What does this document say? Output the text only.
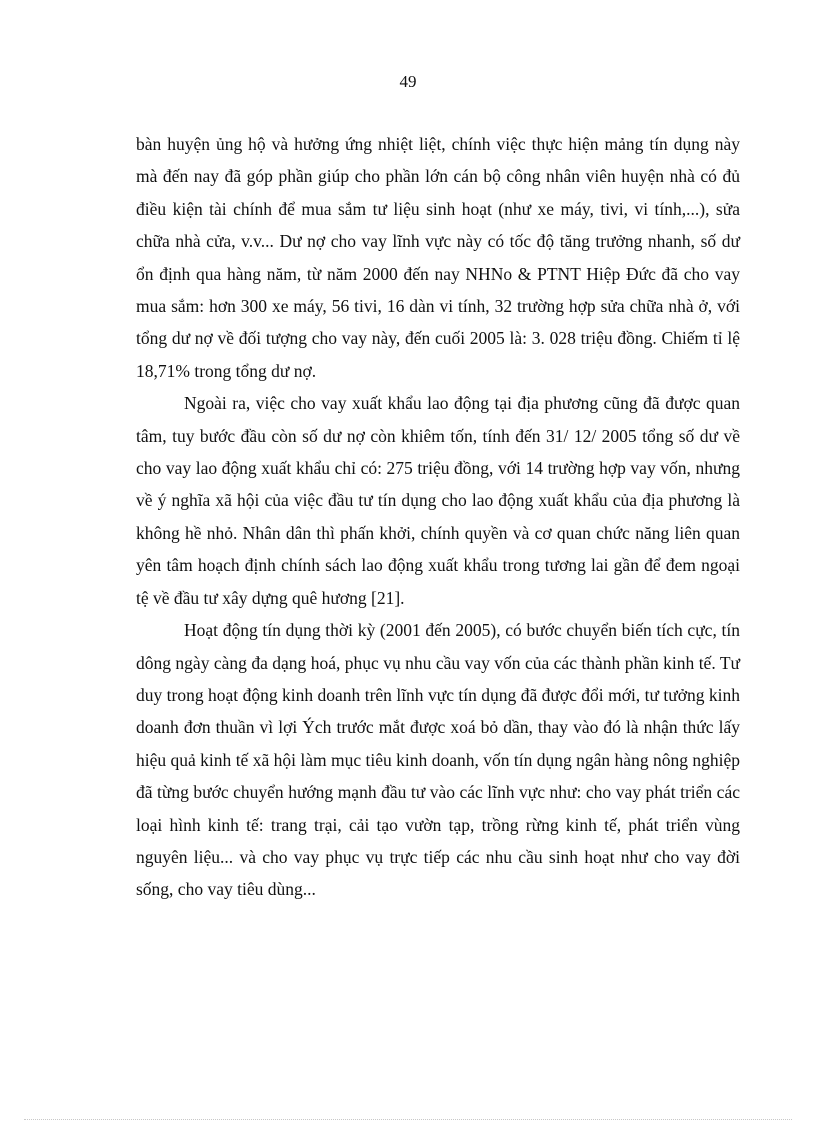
49

bàn huyện ủng hộ và hưởng ứng nhiệt liệt, chính việc thực hiện mảng tín dụng này mà đến nay đã góp phần giúp cho phần lớn cán bộ công nhân viên huyện nhà có đủ điều kiện tài chính để mua sắm tư liệu sinh hoạt (như xe máy, tivi, vi tính,...), sửa chữa nhà cửa, v.v... Dư nợ cho vay lĩnh vực này có tốc độ tăng trưởng nhanh, số dư ổn định qua hàng năm, từ năm 2000 đến nay NHNo & PTNT Hiệp Đức đã cho vay mua sắm: hơn 300 xe máy, 56 tivi, 16 dàn vi tính, 32 trường hợp sửa chữa nhà ở, với tổng dư nợ về đối tượng cho vay này, đến cuối 2005 là: 3. 028 triệu đồng. Chiếm tỉ lệ 18,71% trong tổng dư nợ.

Ngoài ra, việc cho vay xuất khẩu lao động tại địa phương cũng đã được quan tâm, tuy bước đầu còn số dư nợ còn khiêm tốn, tính đến 31/ 12/ 2005 tổng số dư về cho vay lao động xuất khẩu chỉ có: 275 triệu đồng, với 14 trường hợp vay vốn, nhưng về ý nghĩa xã hội của việc đầu tư tín dụng cho lao động xuất khẩu của địa phương là không hề nhỏ. Nhân dân thì phấn khởi, chính quyền và cơ quan chức năng liên quan yên tâm hoạch định chính sách lao động xuất khẩu trong tương lai gần để đem ngoại tệ về đầu tư xây dựng quê hương [21].

Hoạt động tín dụng thời kỳ (2001 đến 2005), có bước chuyển biến tích cực, tín dông ngày càng đa dạng hoá, phục vụ nhu cầu vay vốn của các thành phần kinh tế. Tư duy trong hoạt động kinh doanh trên lĩnh vực tín dụng đã được đổi mới, tư tưởng kinh doanh đơn thuần vì lợi Ých trước mắt được xoá bỏ dần, thay vào đó là nhận thức lấy hiệu quả kinh tế xã hội làm mục tiêu kinh doanh, vốn tín dụng ngân hàng nông nghiệp đã từng bước chuyển hướng mạnh đầu tư vào các lĩnh vực như: cho vay phát triển các loại hình kinh tế: trang trại, cải tạo vườn tạp, trồng rừng kinh tế, phát triển vùng nguyên liệu... và cho vay phục vụ trực tiếp các nhu cầu sinh hoạt như cho vay đời sống, cho vay tiêu dùng...
